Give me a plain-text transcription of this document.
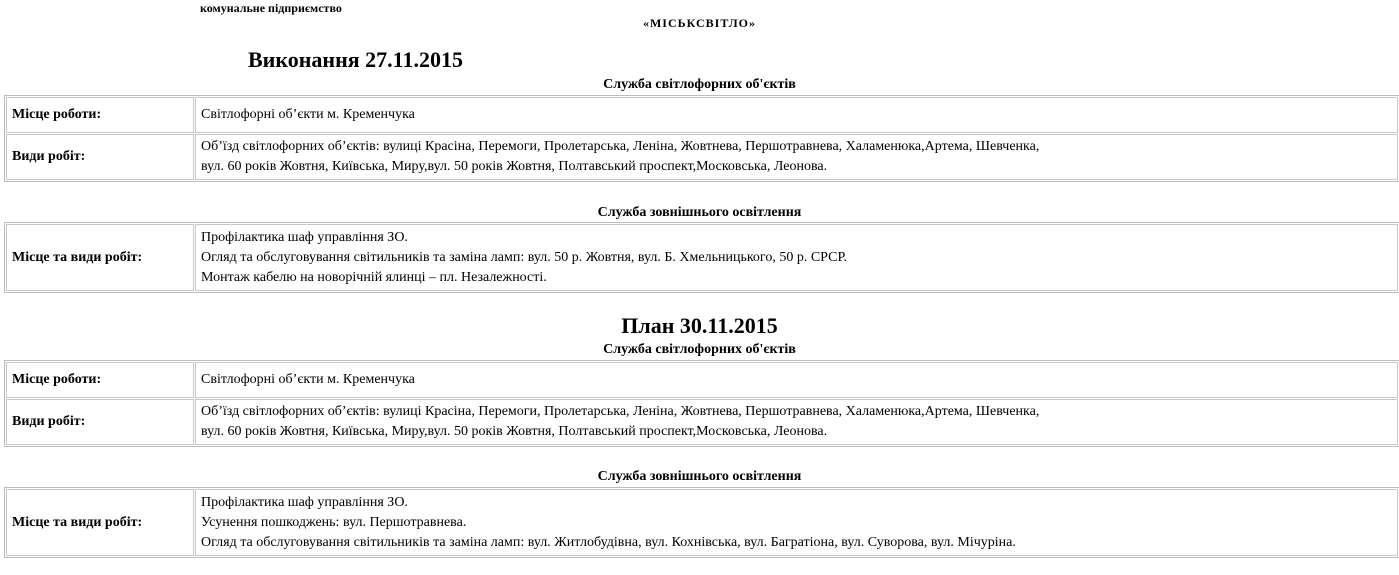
комунальне підприємство
«МІСЬКСВІТЛО»
Виконання 27.11.2015
Служба світлофорних об'єктів
Місце роботи:	Світлофорні об’єкти м. Кременчука

Види робіт:	Об’їзд світлофорних об’єктів: вулиці Красіна, Перемоги, Пролетарська, Леніна, Жовтнева, Першотравнева, Халаменюка,Артема, Шевченка,
вул. 60 років Жовтня, Київська, Миру,вул. 50 років Жовтня, Полтавський проспект,Московська, Леонова.
Служба зовнішнього освітлення
Місце та види робіт:	
Профілактика шаф управління ЗО.
Огляд та обслуговування світильників та заміна ламп: вул. 50 р. Жовтня, вул. Б. Хмельницького, 50 р. СРСР.
Монтаж кабелю на новорічній ялинці – пл. Незалежності.
План 30.11.2015
Служба світлофорних об'єктів
Місце роботи:	Світлофорні об’єкти м. Кременчука

Види робіт:	Об’їзд світлофорних об’єктів: вулиці Красіна, Перемоги, Пролетарська, Леніна, Жовтнева, Першотравнева, Халаменюка,Артема, Шевченка,
вул. 60 років Жовтня, Київська, Миру,вул. 50 років Жовтня, Полтавський проспект,Московська, Леонова.
Служба зовнішнього освітлення
Місце та види робіт:	
Профілактика шаф управління ЗО.
Усунення пошкоджень: вул. Першотравнева.
Огляд та обслуговування світильників та заміна ламп: вул. Житлобудівна, вул. Кохнівська, вул. Багратіона, вул. Суворова, вул. Мічуріна.
